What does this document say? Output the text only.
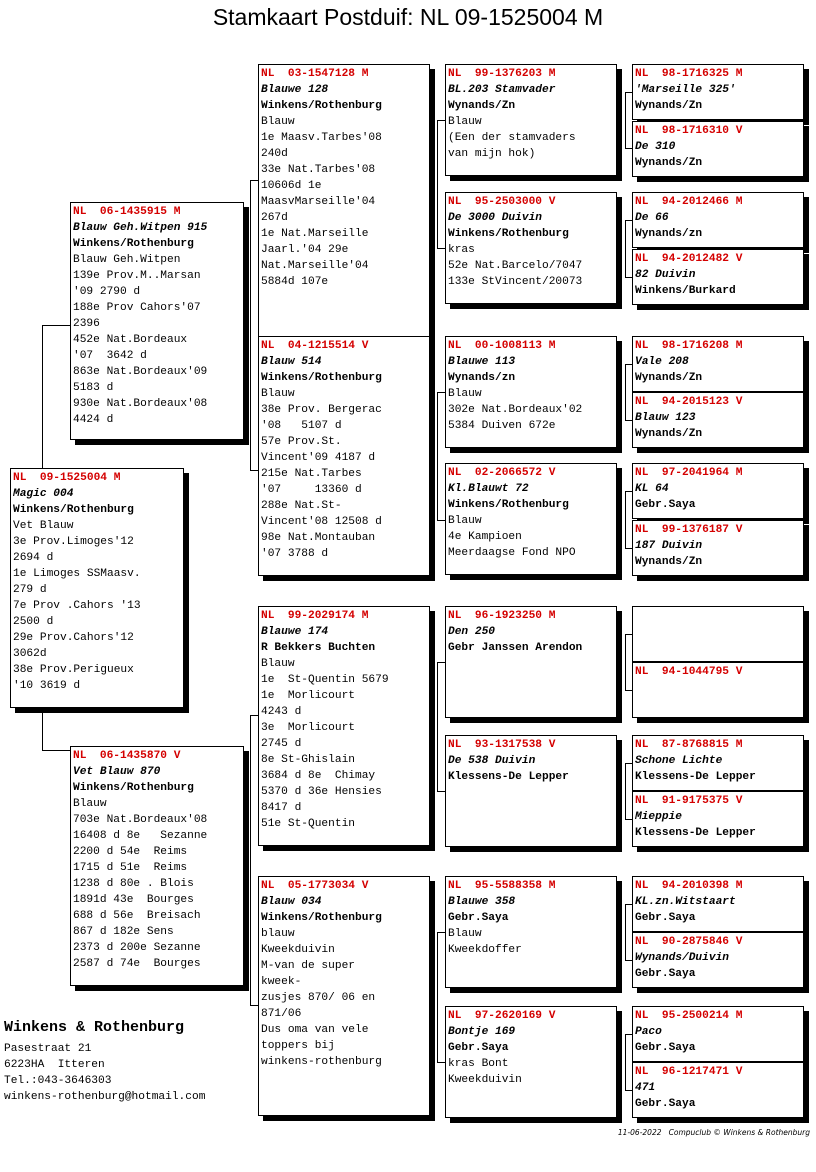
Stamkaart Postduif: NL 09-1525004 M
NL  09-1525004 M
Magic 004
Winkens/Rothenburg
Vet Blauw
3e Prov.Limoges'12
2694 d
1e Limoges SSMaasv.
279 d
7e Prov .Cahors '13
2500 d
29e Prov.Cahors'12
3062d
38e Prov.Perigueux
'10 3619 d
NL  06-1435915 M
Blauw Geh.Witpen 915
Winkens/Rothenburg
Blauw Geh.Witpen
139e Prov.M..Marsan
'09 2790 d
188e Prov Cahors'07
2396
452e Nat.Bordeaux
'07  3642 d
863e Nat.Bordeaux'09
5183 d
930e Nat.Bordeaux'08
4424 d
NL  06-1435870 V
Vet Blauw 870
Winkens/Rothenburg
Blauw
703e Nat.Bordeaux'08
16408 d 8e   Sezanne
2200 d 54e  Reims
1715 d 51e  Reims
1238 d 80e . Blois
1891d 43e  Bourges
688 d 56e  Breisach
867 d 182e Sens
2373 d 200e Sezanne
2587 d 74e  Bourges
NL  03-1547128 M
Blauwe 128
Winkens/Rothenburg
Blauw
1e Maasv.Tarbes'08
240d
33e Nat.Tarbes'08
10606d 1e
MaasvMarseille'04
267d
1e Nat.Marseille
Jaarl.'04 29e
Nat.Marseille'04
5884d 107e
NL  04-1215514 V
Blauw 514
Winkens/Rothenburg
Blauw
38e Prov. Bergerac
'08   5107 d
57e Prov.St.
Vincent'09 4187 d
215e Nat.Tarbes
'07     13360 d
288e Nat.St-
Vincent'08 12508 d
98e Nat.Montauban
'07 3788 d
NL  99-2029174 M
Blauwe 174
R Bekkers Buchten
Blauw
1e  St-Quentin 5679
1e  Morlicourt
4243 d
3e  Morlicourt
2745 d
8e St-Ghislain
3684 d 8e  Chimay
5370 d 36e Hensies
8417 d
51e St-Quentin
NL  05-1773034 V
Blauw 034
Winkens/Rothenburg
blauw
Kweekduivin
M-van de super
kweek-
zusjes 870/ 06 en
871/06
Dus oma van vele
toppers bij
winkens-rothenburg
NL  99-1376203 M
BL.203 Stamvader
Wynands/Zn
Blauw
(Een der stamvaders
van mijn hok)
NL  95-2503000 V
De 3000 Duivin
Winkens/Rothenburg
kras
52e Nat.Barcelo/7047
133e StVincent/20073
NL  00-1008113 M
Blauwe 113
Wynands/zn
Blauw
302e Nat.Bordeaux'02
5384 Duiven 672e
NL  02-2066572 V
Kl.Blauwt 72
Winkens/Rothenburg
Blauw
4e Kampioen
Meerdaagse Fond NPO
NL  96-1923250 M
Den 250
Gebr Janssen Arendon
NL  93-1317538 V
De 538 Duivin
Klessens-De Lepper
NL  95-5588358 M
Blauwe 358
Gebr.Saya
Blauw
Kweekdoffer
NL  97-2620169 V
Bontje 169
Gebr.Saya
kras Bont
Kweekduivin
NL  98-1716325 M
'Marseille 325'
Wynands/Zn
NL  98-1716310 V
De 310
Wynands/Zn
NL  94-2012466 M
De 66
Wynands/zn
NL  94-2012482 V
82 Duivin
Winkens/Burkard
NL  98-1716208 M
Vale 208
Wynands/Zn
NL  94-2015123 V
Blauw 123
Wynands/Zn
NL  97-2041964 M
KL 64
Gebr.Saya
NL  99-1376187 V
187 Duivin
Wynands/Zn
NL  94-1044795 V
NL  87-8768815 M
Schone Lichte
Klessens-De Lepper
NL  91-9175375 V
Mieppie
Klessens-De Lepper
NL  94-2010398 M
KL.zn.Witstaart
Gebr.Saya
NL  90-2875846 V
Wynands/Duivin
Gebr.Saya
NL  95-2500214 M
Paco
Gebr.Saya
NL  96-1217471 V
471
Gebr.Saya
Winkens & Rothenburg
Pasestraat 21
6223HA  Itteren
Tel.:043-3646303
winkens-rothenburg@hotmail.com
11-06-2022 Compuclub © Winkens & Rothenburg
